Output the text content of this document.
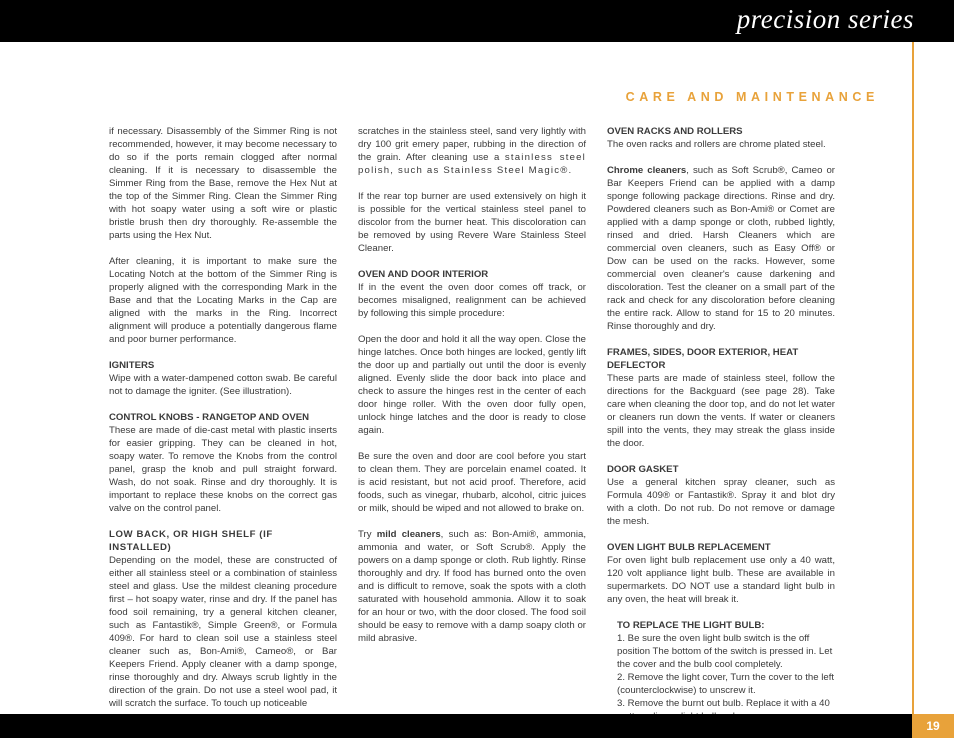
precision series
CARE AND MAINTENANCE

if necessary. Disassembly of the Simmer Ring is not recommended, however, it may become necessary to do so if the ports remain clogged after normal cleaning. If it is necessary to disassemble the Simmer Ring from the Base, remove the Hex Nut at the top of the Simmer Ring. Clean the Simmer Ring with hot soapy water using a soft wire or plastic bristle brush then dry thoroughly. Re-assemble the parts using the Hex Nut.

After cleaning, it is important to make sure the Locating Notch at the bottom of the Simmer Ring is properly aligned with the corresponding Mark in the Base and that the Locating Marks in the Cap are aligned with the marks in the Ring. Incorrect alignment will produce a potentially dangerous flame and poor burner performance.

IGNITERS

Wipe with a water-dampened cotton swab. Be careful not to damage the igniter. (See illustration).

CONTROL KNOBS - RANGETOP AND OVEN

These are made of die-cast metal with plastic inserts for easier gripping. They can be cleaned in hot, soapy water. To remove the Knobs from the control panel, grasp the knob and pull straight forward. Wash, do not soak. Rinse and dry thoroughly. It is important to replace these knobs on the correct gas valve on the control panel.

LOW BACK, OR HIGH SHELF (IF INSTALLED)

Depending on the model, these are constructed of either all stainless steel or a combination of stainless steel and glass. Use the mildest cleaning procedure first – hot soapy water, rinse and dry. If the panel has food soil remaining, try a general kitchen cleaner, such as Fantastik®, Simple Green®, or Formula 409®. For hard to clean soil use a stainless steel cleaner such as, Bon-Ami®, Cameo®, or Bar Keepers Friend. Apply cleaner with a damp sponge, rinse thoroughly and dry. Always scrub lightly in the direction of the grain. Do not use a steel wool pad, it will scratch the surface. To touch up noticeable

scratches in the stainless steel, sand very lightly with dry 100 grit emery paper, rubbing in the direction of the grain. After cleaning use a stainless steel polish, such as Stainless Steel Magic®.

If the rear top burner are used extensively on high it is possible for the vertical stainless steel panel to discolor from the burner heat. This discoloration can be removed by using Revere Ware Stainless Steel Cleaner.

OVEN AND DOOR INTERIOR

If in the event the oven door comes off track, or becomes misaligned, realignment can be achieved by following this simple procedure:

Open the door and hold it all the way open. Close the hinge latches. Once both hinges are locked, gently lift the door up and partially out until the door is evenly aligned. Evenly slide the door back into place and check to assure the hinges rest in the center of each door hinge roller. With the oven door fully open, unlock hinge latches and the door is ready to close again.

Be sure the oven and door are cool before you start to clean them. They are porcelain enamel coated. It is acid resistant, but not acid proof. Therefore, acid foods, such as vinegar, rhubarb, alcohol, citric juices or milk, should be wiped and not allowed to brake on.

Try mild cleaners, such as: Bon-Ami®, ammonia, ammonia and water, or Soft Scrub®. Apply the powers on a damp sponge or cloth. Rub lightly. Rinse thoroughly and dry. If food has burned onto the oven and is difficult to remove, soak the spots with a cloth saturated with household ammonia. Allow it to soak for an hour or two, with the door closed. The food soil should be easy to remove with a damp soapy cloth or mild abrasive.

OVEN RACKS AND ROLLERS

The oven racks and rollers are chrome plated steel.

Chrome cleaners, such as Soft Scrub®, Cameo or Bar Keepers Friend can be applied with a damp sponge following package directions. Rinse and dry. Powdered cleaners such as Bon-Ami® or Comet are applied with a damp sponge or cloth, rubbed lightly, rinsed and dried. Harsh Cleaners which are commercial oven cleaners, such as Easy Off® or Dow can be used on the racks. However, some commercial oven cleaner's cause darkening and discoloration. Test the cleaner on a small part of the rack and check for any discoloration before cleaning the entire rack. Allow to stand for 15 to 20 minutes. Rinse thoroughly and dry.

FRAMES, SIDES, DOOR EXTERIOR, HEAT DEFLECTOR

These parts are made of stainless steel, follow the directions for the Backguard (see page 28). Take care when cleaning the door top, and do not let water or cleaners run down the vents. If water or cleaners spill into the vents, they may streak the glass inside the door.

DOOR GASKET

Use a general kitchen spray cleaner, such as Formula 409® or Fantastik®. Spray it and blot dry with a cloth. Do not rub. Do not remove or damage the mesh.

OVEN LIGHT BULB REPLACEMENT

For oven light bulb replacement use only a 40 watt, 120 volt appliance light bulb. These are available in supermarkets. DO NOT use a standard light bulb in any oven, the heat will break it.

TO REPLACE THE LIGHT BULB:

1. Be sure the oven light bulb switch is the off position The bottom of the switch is pressed in. Let the cover and the bulb cool completely.

2. Remove the light cover, Turn the cover to the left (counterclockwise) to unscrew it.

3. Remove the burnt out bulb. Replace it with a 40

19
